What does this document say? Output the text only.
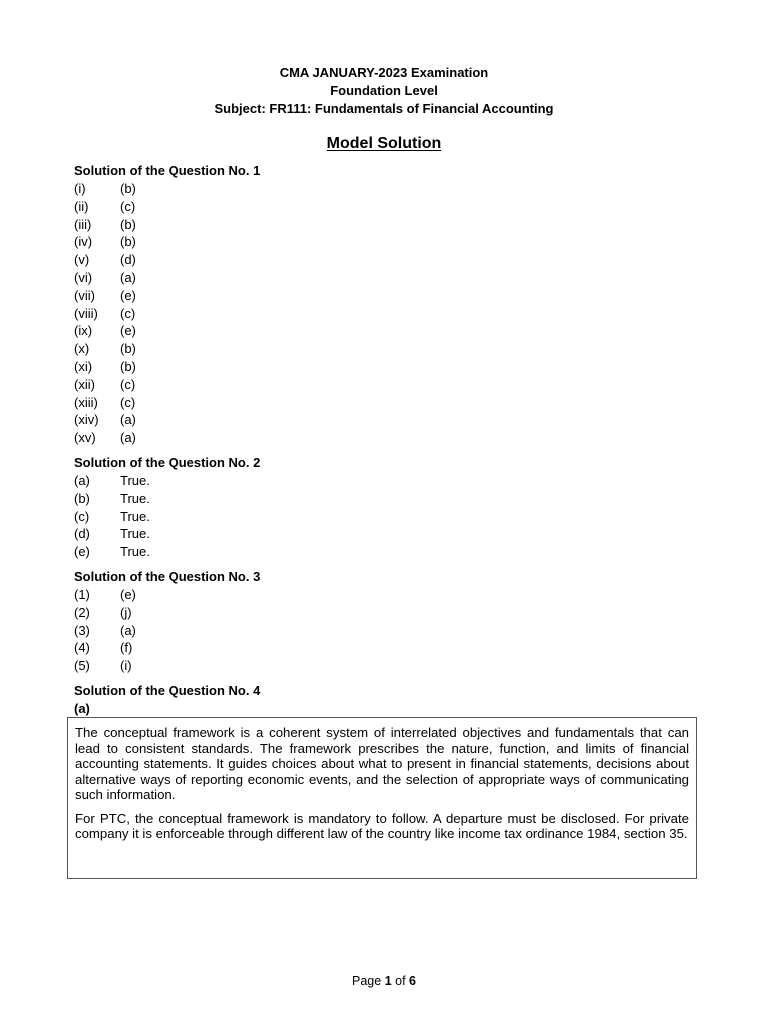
CMA JANUARY-2023 Examination
Foundation Level
Subject: FR111: Fundamentals of Financial Accounting
Model Solution
Solution of the Question No. 1
(i)	(b)
(ii)	(c)
(iii)	(b)
(iv)	(b)
(v)	(d)
(vi)	(a)
(vii)	(e)
(viii)	(c)
(ix)	(e)
(x)	(b)
(xi)	(b)
(xii)	(c)
(xiii)	(c)
(xiv)	(a)
(xv)	(a)
Solution of the Question No. 2
(a)	True.
(b)	True.
(c)	True.
(d)	True.
(e)	True.
Solution of the Question No. 3
(1)	(e)
(2)	(j)
(3)	(a)
(4)	(f)
(5)	(i)
Solution of the Question No. 4
(a)

The conceptual framework is a coherent system of interrelated objectives and fundamentals that can lead to consistent standards. The framework prescribes the nature, function, and limits of financial accounting statements. It guides choices about what to present in financial statements, decisions about alternative ways of reporting economic events, and the selection of appropriate ways of communicating such information.

For PTC, the conceptual framework is mandatory to follow. A departure must be disclosed. For private company it is enforceable through different law of the country like income tax ordinance 1984, section 35.

Page 1 of 6
